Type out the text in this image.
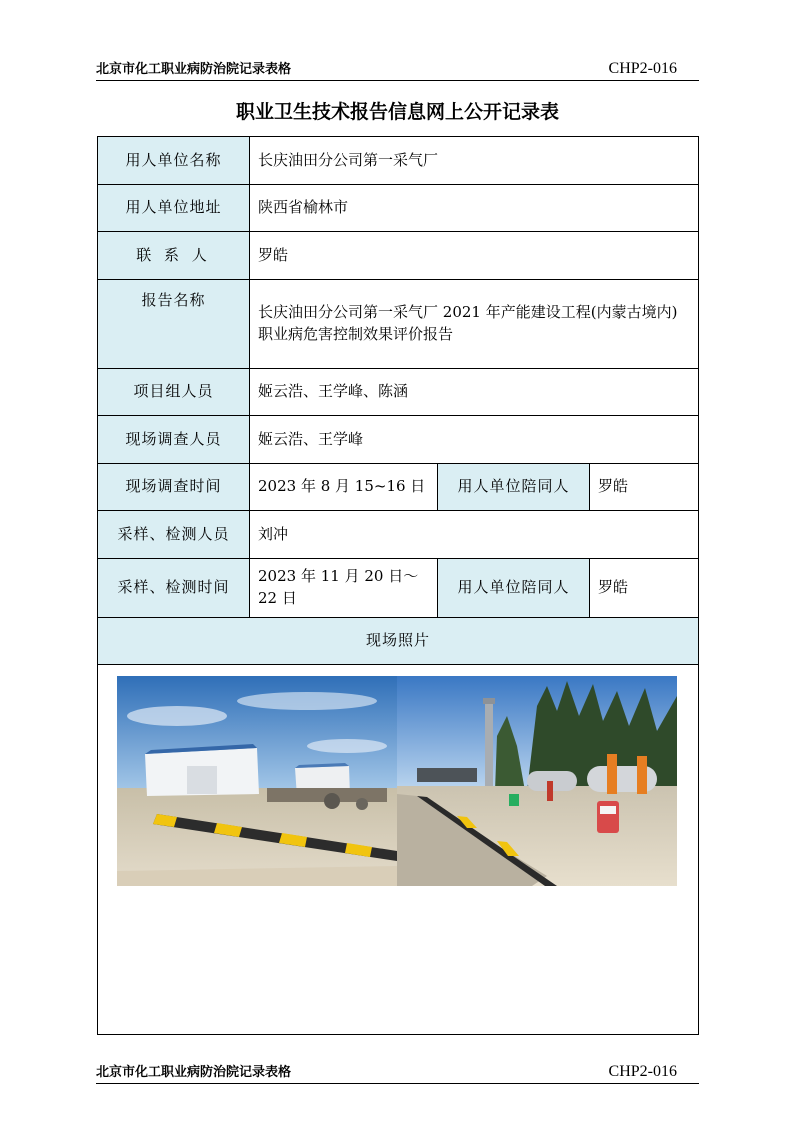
北京市化工职业病防治院记录表格	CHP2-016
职业卫生技术报告信息网上公开记录表
用人单位名称	长庆油田分公司第一采气厂		
用人单位地址	陕西省榆林市		
联 系 人	罗皓		
报告名称	长庆油田分公司第一采气厂 2021 年产能建设工程(内蒙古境内)职业病危害控制效果评价报告		
项目组人员	姬云浩、王学峰、陈涵		
现场调查人员	姬云浩、王学峰		
现场调查时间	2023 年 8 月 15~16 日	用人单位陪同人	罗皓
采样、检测人员	刘冲		
采样、检测时间	2023 年 11 月 20 日～22 日	用人单位陪同人	罗皓
现场照片			

北京市化工职业病防治院记录表格	CHP2-016
